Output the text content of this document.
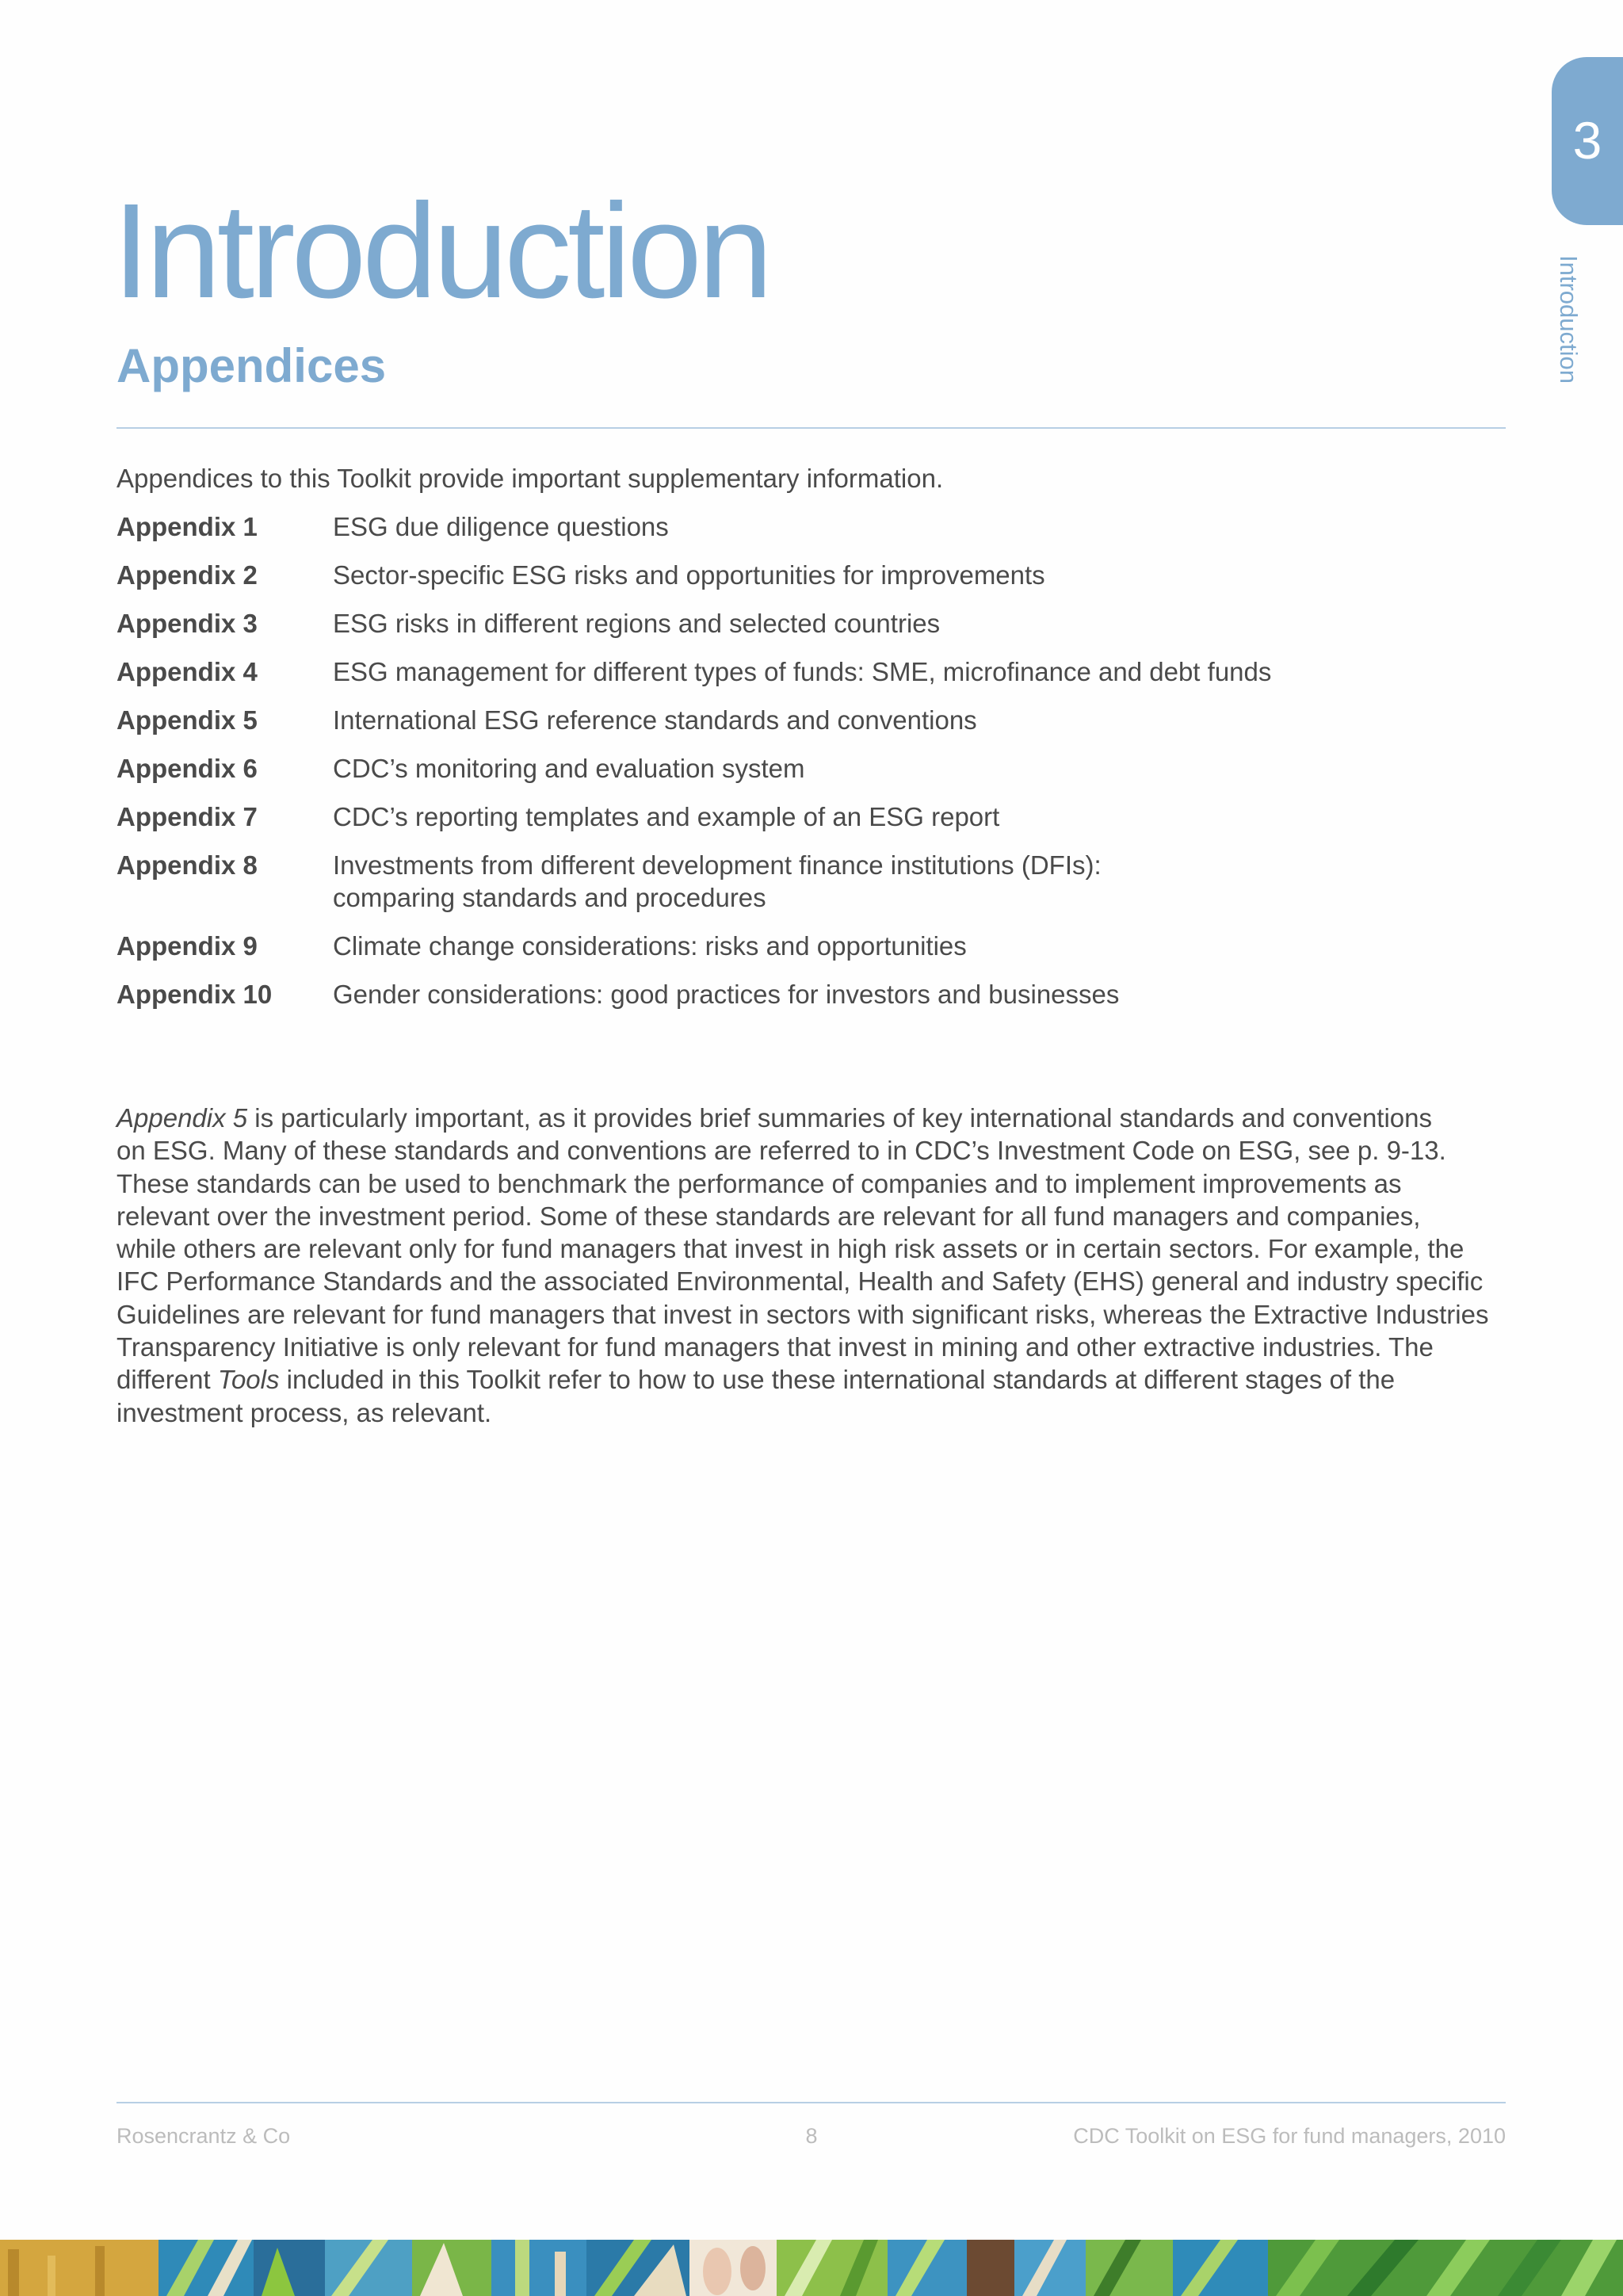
3
Introduction
Introduction
Appendices
Appendices to this Toolkit provide important supplementary information.
Appendix 1	ESG due diligence questions
Appendix 2	Sector-specific ESG risks and opportunities for improvements
Appendix 3	ESG risks in different regions and selected countries
Appendix 4	ESG management for different types of funds: SME, microfinance and debt funds
Appendix 5	International ESG reference standards and conventions
Appendix 6	CDC’s monitoring and evaluation system
Appendix 7	CDC’s reporting templates and example of an ESG report
Appendix 8	Investments from different development finance institutions (DFIs):
comparing standards and procedures
Appendix 9	Climate change considerations: risks and opportunities
Appendix 10	Gender considerations: good practices for investors and businesses

Appendix 5 is particularly important, as it provides brief summaries of key international standards and conventions
on ESG. Many of these standards and conventions are referred to in CDC’s Investment Code on ESG, see p. 9-13.
These standards can be used to benchmark the performance of companies and to implement improvements as
relevant over the investment period. Some of these standards are relevant for all fund managers and companies,
while others are relevant only for fund managers that invest in high risk assets or in certain sectors. For example, the
IFC Performance Standards and the associated Environmental, Health and Safety (EHS) general and industry specific
Guidelines are relevant for fund managers that invest in sectors with significant risks, whereas the Extractive Industries
Transparency Initiative is only relevant for fund managers that invest in mining and other extractive industries. The
different Tools included in this Toolkit refer to how to use these international standards at different stages of the
investment process, as relevant.

Rosencrantz & Co	8	CDC Toolkit on ESG for fund managers, 2010
